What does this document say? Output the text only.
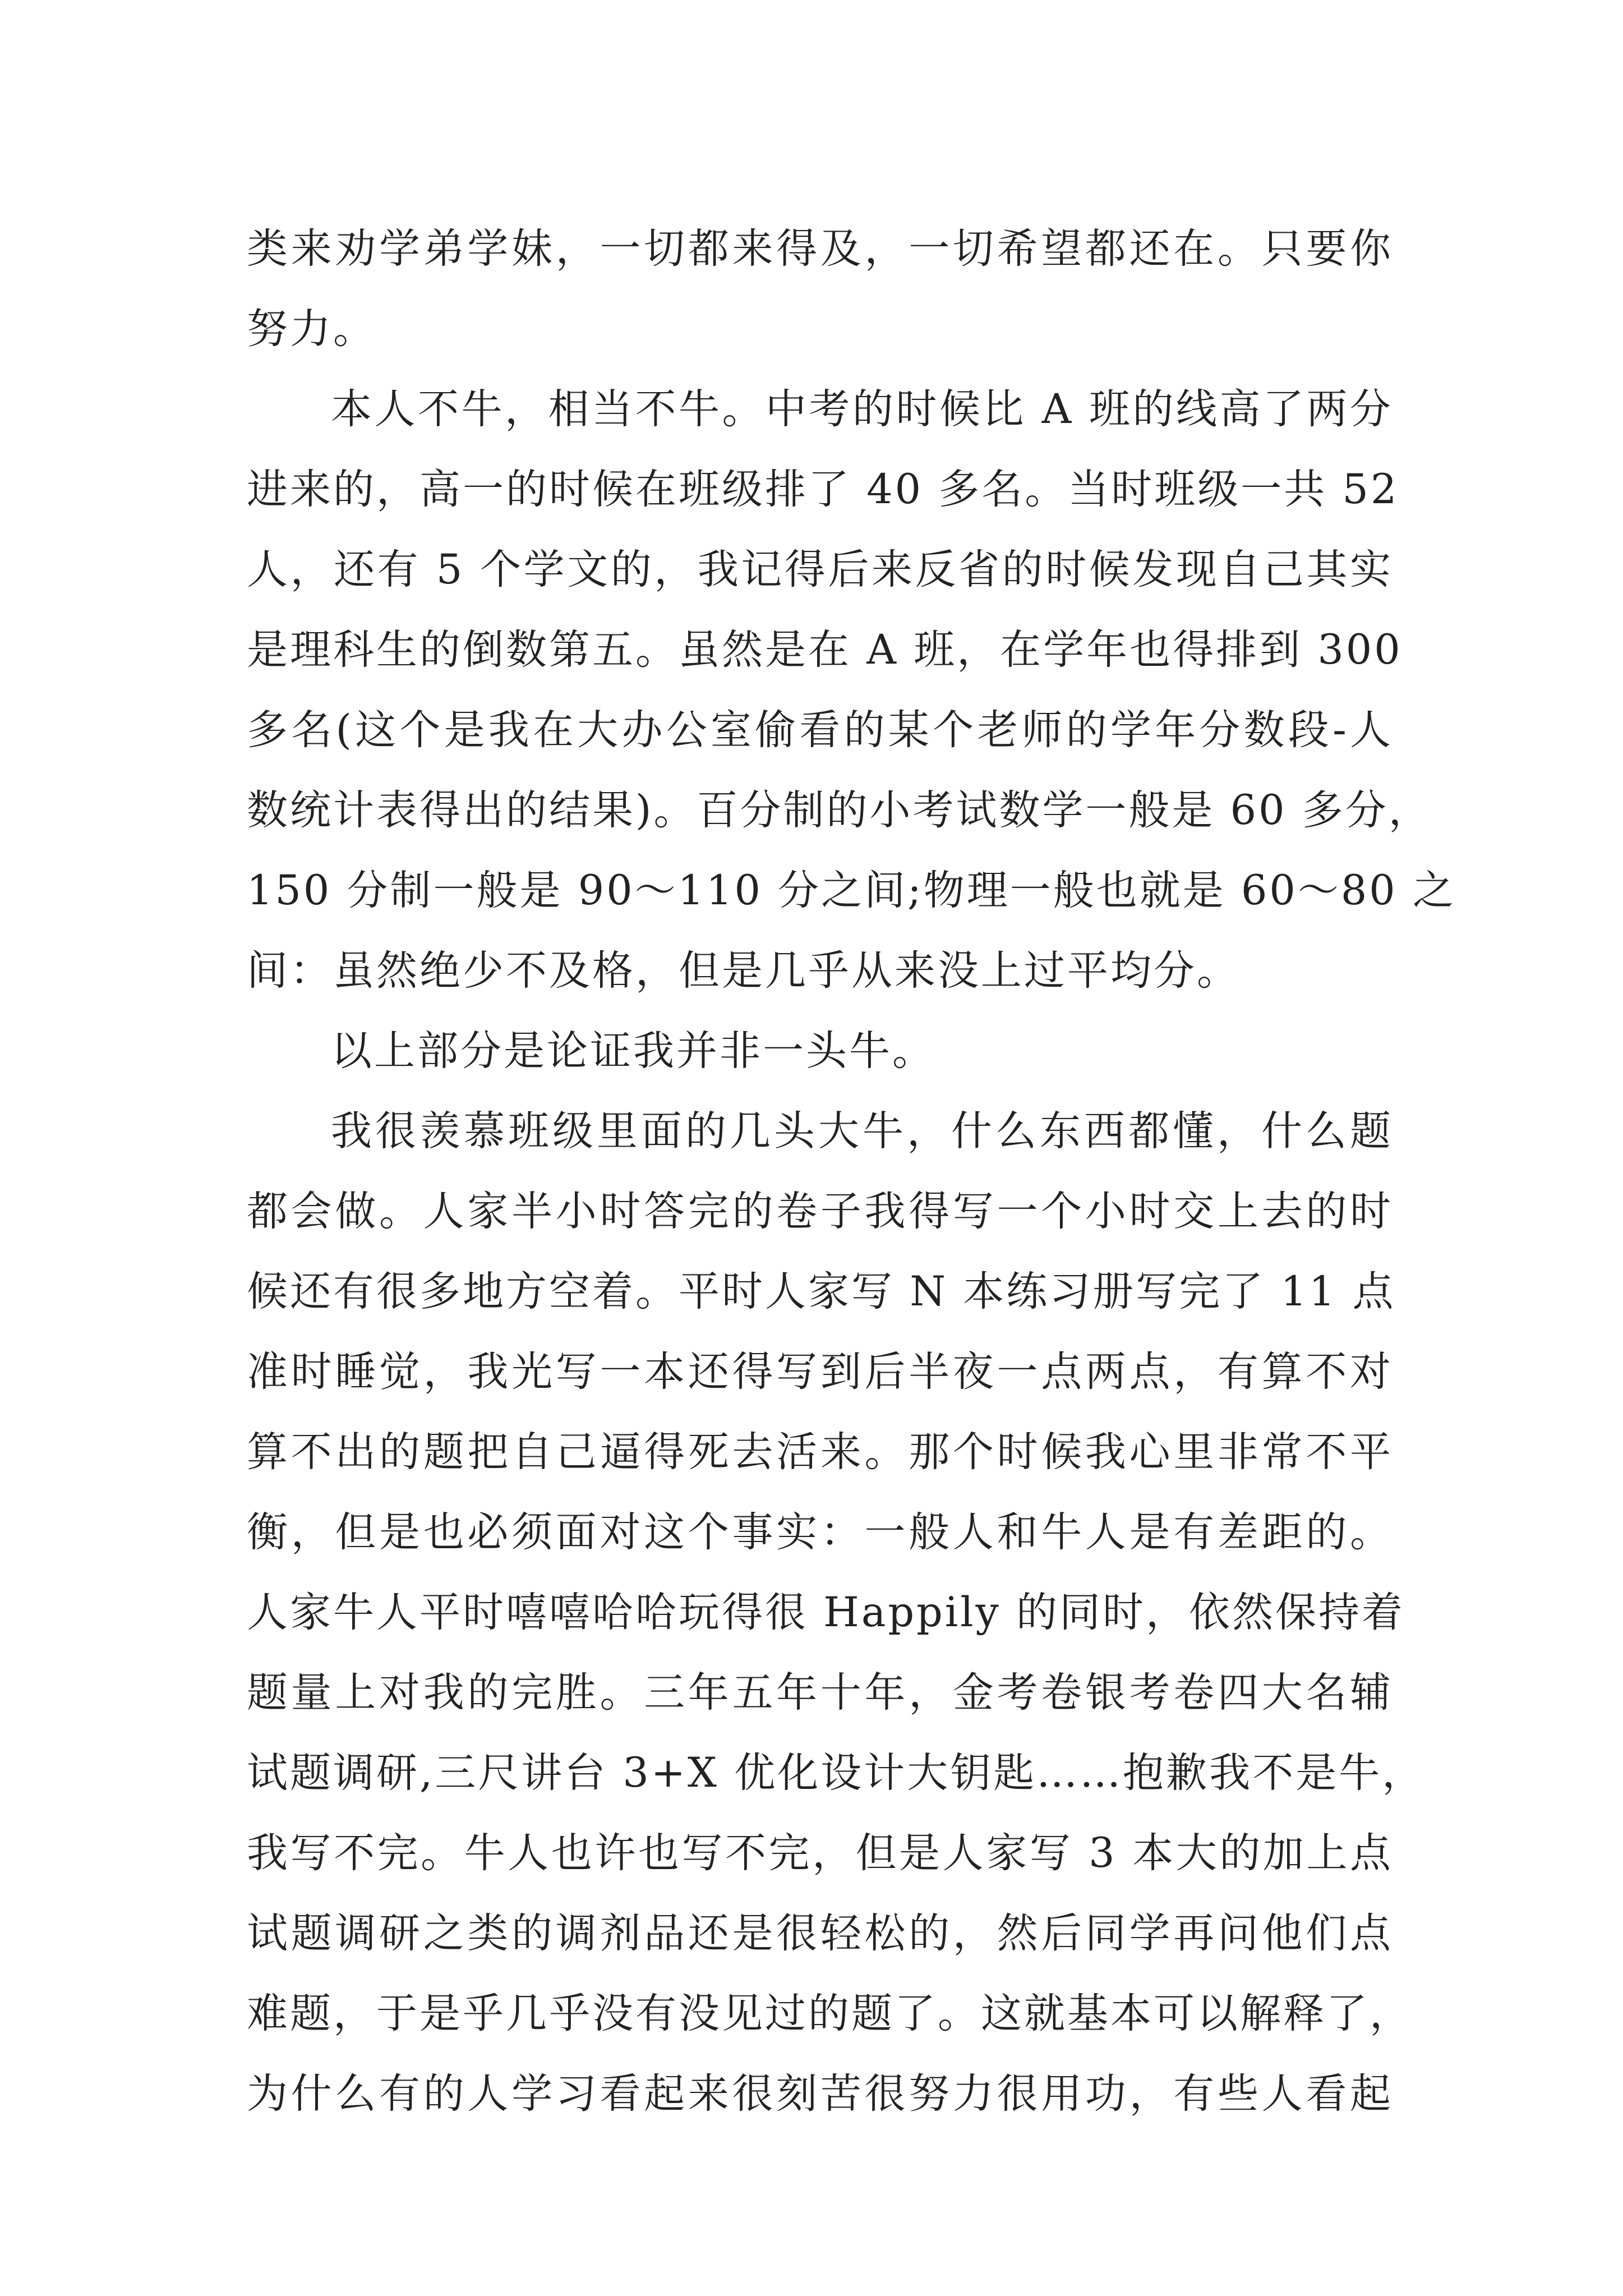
类来劝学弟学妹，一切都来得及，一切希望都还在。只要你
努力。
本人不牛，相当不牛。中考的时候比 A 班的线高了两分
进来的，高一的时候在班级排了 40 多名。当时班级一共 52
人，还有 5 个学文的，我记得后来反省的时候发现自己其实
是理科生的倒数第五。虽然是在 A 班，在学年也得排到 300
多名(这个是我在大办公室偷看的某个老师的学年分数段-人
数统计表得出的结果)。百分制的小考试数学一般是 60 多分，
150 分制一般是 90～110 分之间;物理一般也就是 60～80 之
间：虽然绝少不及格，但是几乎从来没上过平均分。
以上部分是论证我并非一头牛。
我很羡慕班级里面的几头大牛，什么东西都懂，什么题
都会做。人家半小时答完的卷子我得写一个小时交上去的时
候还有很多地方空着。平时人家写 N 本练习册写完了 11 点
准时睡觉，我光写一本还得写到后半夜一点两点，有算不对
算不出的题把自己逼得死去活来。那个时候我心里非常不平
衡，但是也必须面对这个事实：一般人和牛人是有差距的。
人家牛人平时嘻嘻哈哈玩得很 Happily 的同时，依然保持着
题量上对我的完胜。三年五年十年，金考卷银考卷四大名辅
试题调研,三尺讲台 3+X 优化设计大钥匙……抱歉我不是牛，
我写不完。牛人也许也写不完，但是人家写 3 本大的加上点
试题调研之类的调剂品还是很轻松的，然后同学再问他们点
难题，于是乎几乎没有没见过的题了。这就基本可以解释了，
为什么有的人学习看起来很刻苦很努力很用功，有些人看起
